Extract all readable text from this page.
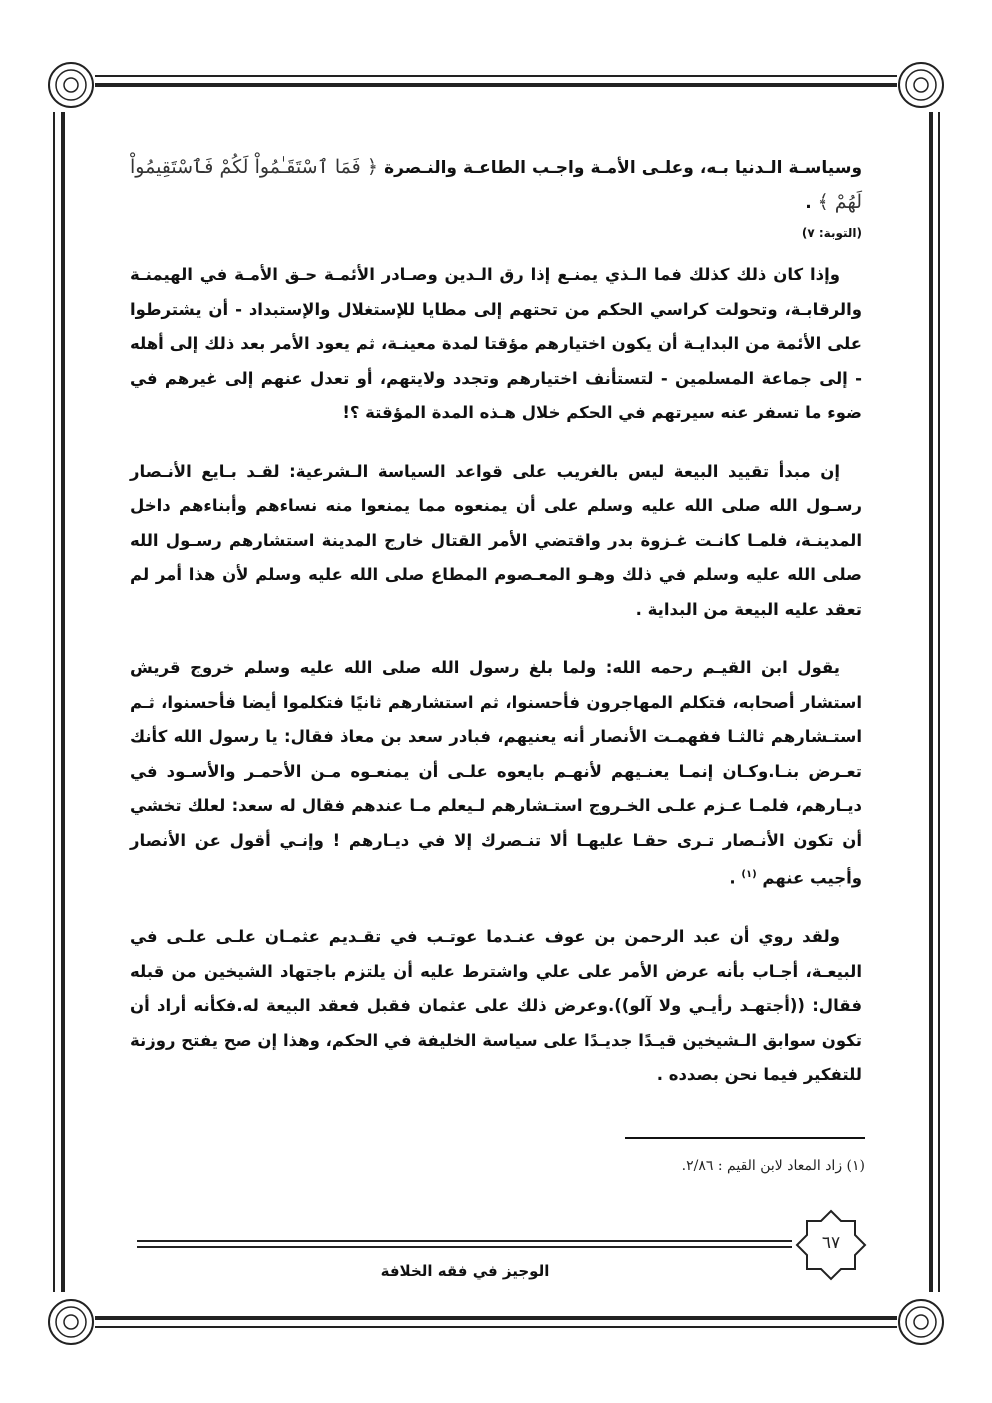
وسياسـة الـدنيا بـه، وعلـى الأمـة واجـب الطاعـة والنـصرة ﴿ فَمَا ٱسْتَقَـٰمُواْ لَكُمْ فَٱسْتَقِيمُواْ لَهُمْ ﴾ .
(التوبة: ٧)

وإذا كان ذلك كذلك فما الـذي يمنـع إذا رق الـدين وصـادر الأئمـة حـق الأمـة في الهيمنـة والرقابـة، وتحولت كراسي الحكم من تحتهم إلى مطايا للإستغلال والإستبداد - أن يشترطوا على الأئمة من البدايـة أن يكون اختيارهم مؤقتا لمدة معينـة، ثم يعود الأمر بعد ذلك إلى أهله - إلى جماعة المسلمين - لتستأنف اختيارهم وتجدد ولايتهم، أو تعدل عنهم إلى غيرهم في ضوء ما تسفر عنه سيرتهم في الحكم خلال هـذه المدة المؤقتة ؟!

إن مبدأ تقييد البيعة ليس بالغريب على قواعد السياسة الـشرعية: لقـد بـايع الأنـصار رسـول الله صلى الله عليه وسلم على أن يمنعوه مما يمنعوا منه نساءهم وأبناءهم داخل المدينـة، فلمـا كانـت غـزوة بدر واقتضي الأمر القتال خارج المدينة استشارهم رسـول الله صلى الله عليه وسلم في ذلك وهـو المعـصوم المطاع صلى الله عليه وسلم لأن هذا أمر لم تعقد عليه البيعة من البداية .

يقول ابن القيـم رحمه الله: ولما بلغ رسول الله صلى الله عليه وسلم خروج قريش استشار أصحابه، فتكلم المهاجرون فأحسنوا، ثم استشارهم ثانيًا فتكلموا أيضا فأحسنوا، ثـم استـشارهم ثالثـا ففهمـت الأنصار أنه يعنيهم، فبادر سعد بن معاذ فقال: يا رسول الله كأنك تعـرض بنـا.وكـان إنمـا يعنـيهم لأنهـم بايعوه علـى أن يمنعـوه مـن الأحمـر والأسـود في ديـارهم، فلمـا عـزم علـى الخـروج استـشارهم لـيعلم مـا عندهم فقال له سعد: لعلك تخشي أن تكون الأنـصار تـرى حقـا عليهـا ألا تنـصرك إلا في ديـارهم ! وإنـي أقول عن الأنصار وأجيب عنهم $^{(١)}$ .

ولقد روي أن عبد الرحمن بن عوف عنـدما عوتـب في تقـديم عثمـان علـى علـى في البيعـة، أجـاب بأنه عرض الأمر على علي واشترط عليه أن يلتزم باجتهاد الشيخين من قبله فقال: ((أجتهـد رأيـي ولا آلو)).وعرض ذلك على عثمان فقبل فعقد البيعة له.فكأنه أراد أن تكون سوابق الـشيخين قيـدًا جديـدًا على سياسة الخليفة في الحكم، وهذا إن صح يفتح روزنة للتفكير فيما نحن بصدده .

(١) زاد المعاد لابن القيم : ٢/٨٦.
٦٧
الوجيز في فقه الخلافة
